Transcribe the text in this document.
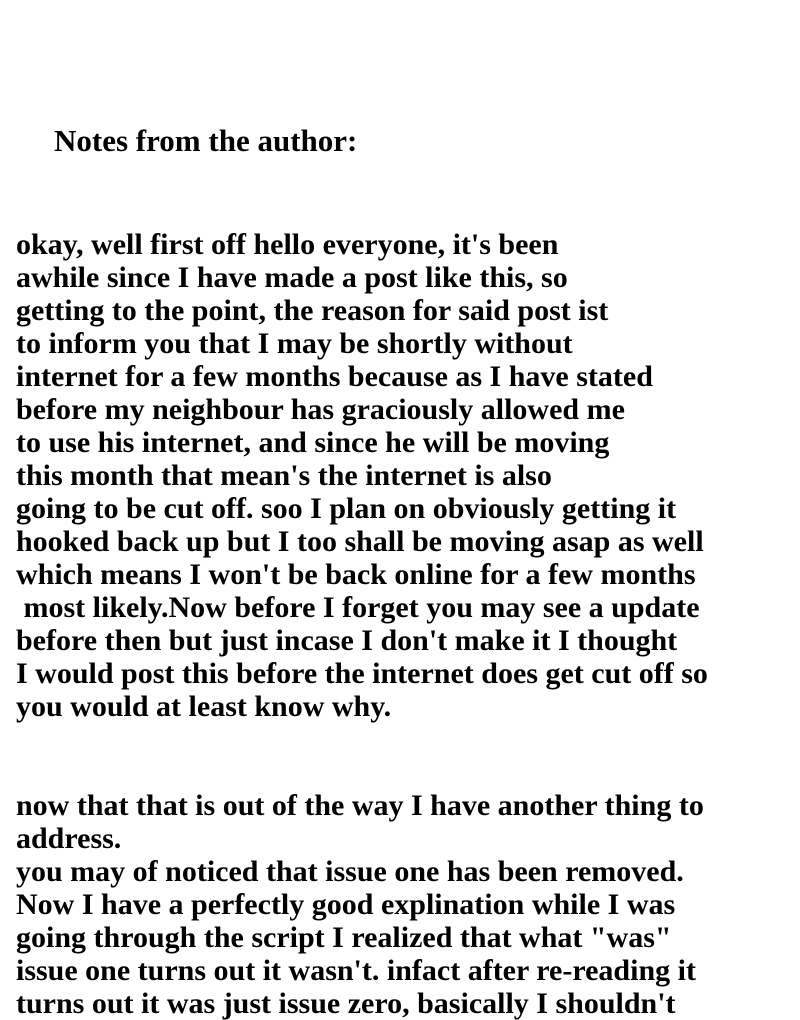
Notes from the author:

okay, well first off hello everyone, it's been
awhile since I have made a post like this, so
getting to the point, the reason for said post ist
to inform you that I may be shortly without
internet for a few months because as I have stated
before my neighbour has graciously allowed me
to use his internet, and since he will be moving
this month that mean's the internet is also
going to be cut off. soo I plan on obviously getting it
hooked back up but I too shall be moving asap as well
which means I won't be back online for a few months
most likely.Now before I forget you may see a update
before then but just incase I don't make it I thought
I would post this before the internet does get cut off so
you would at least know why.

now that that is out of the way I have another thing to
address.
you may of noticed that issue one has been removed.
Now I have a perfectly good explination while I was
going through the script I realized that what "was"
issue one turns out it wasn't. infact after re-reading it
turns out it was just issue zero, basically I shouldn't
